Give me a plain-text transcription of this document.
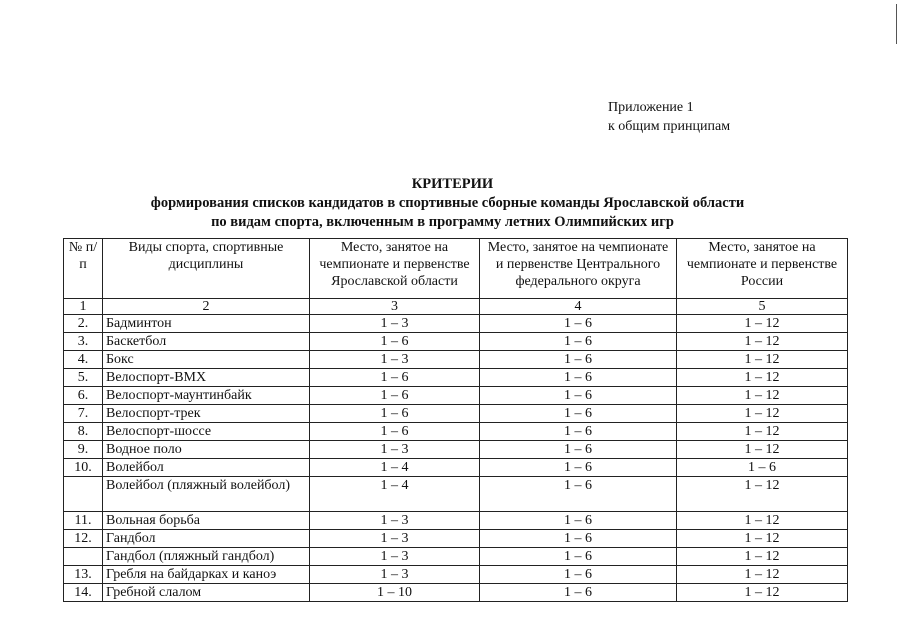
Приложение 1
к общим принципам
КРИТЕРИИ
формирования списков кандидатов в спортивные сборные команды Ярославской области
по видам спорта, включенным в программу летних Олимпийских игр
№ п/п	Виды спорта, спортивные дисциплины	Место, занятое на чемпионате и первенстве Ярославской области	Место, занятое на чемпионате и первенстве Центрального федерального округа	Место, занятое на чемпионате и первенстве России
1	2	3	4	5
2.	Бадминтон	1 – 3	1 – 6	1 – 12
3.	Баскетбол	1 – 6	1 – 6	1 – 12
4.	Бокс	1 – 3	1 – 6	1 – 12
5.	Велоспорт-ВМХ	1 – 6	1 – 6	1 – 12
6.	Велоспорт-маунтинбайк	1 – 6	1 – 6	1 – 12
7.	Велоспорт-трек	1 – 6	1 – 6	1 – 12
8.	Велоспорт-шоссе	1 – 6	1 – 6	1 – 12
9.	Водное поло	1 – 3	1 – 6	1 – 12
10.	Волейбол	1 – 4	1 – 6	1 – 6
	Волейбол (пляжный волейбол)	1 – 4	1 – 6	1 – 12
11.	Вольная борьба	1 – 3	1 – 6	1 – 12
12.	Гандбол	1 – 3	1 – 6	1 – 12
	Гандбол (пляжный гандбол)	1 – 3	1 – 6	1 – 12
13.	Гребля на байдарках и каноэ	1 – 3	1 – 6	1 – 12
14.	Гребной слалом	1 – 10	1 – 6	1 – 12
